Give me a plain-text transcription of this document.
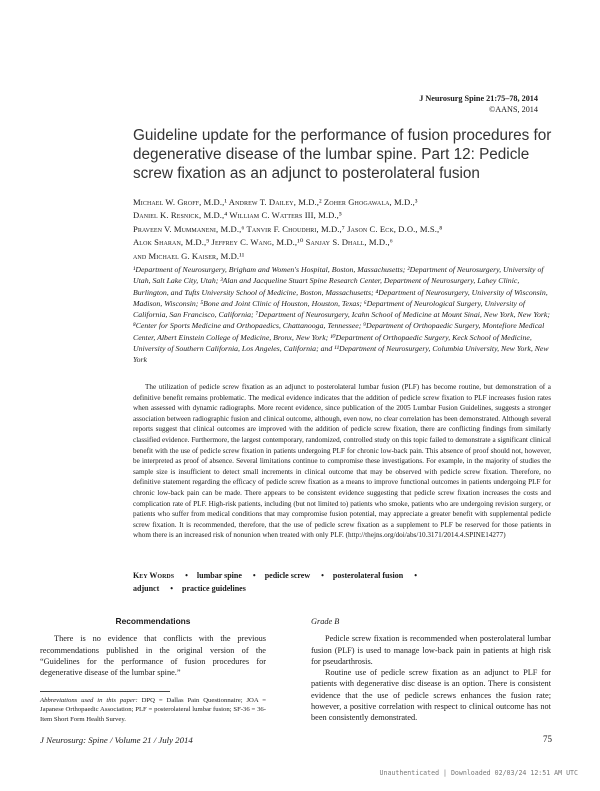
J Neurosurg Spine 21:75–78, 2014
©AANS, 2014
Guideline update for the performance of fusion procedures for degenerative disease of the lumbar spine. Part 12: Pedicle screw fixation as an adjunct to posterolateral fusion
Michael W. Groff, M.D.,¹ Andrew T. Dailey, M.D.,² Zoher Ghogawala, M.D.,³
Daniel K. Resnick, M.D.,⁴ William C. Watters III, M.D.,⁵
Praveen V. Mummaneni, M.D.,⁶ Tanvir F. Choudhri, M.D.,⁷ Jason C. Eck, D.O., M.S.,⁸
Alok Sharan, M.D.,⁹ Jeffrey C. Wang, M.D.,¹⁰ Sanjay S. Dhall, M.D.,⁶
and Michael G. Kaiser, M.D.¹¹
¹Department of Neurosurgery, Brigham and Women's Hospital, Boston, Massachusetts; ²Department of Neurosurgery, University of Utah, Salt Lake City, Utah; ³Alan and Jacqueline Stuart Spine Research Center, Department of Neurosurgery, Lahey Clinic, Burlington, and Tufts University School of Medicine, Boston, Massachusetts; ⁴Department of Neurosurgery, University of Wisconsin, Madison, Wisconsin; ⁵Bone and Joint Clinic of Houston, Houston, Texas; ⁶Department of Neurological Surgery, University of California, San Francisco, California; ⁷Department of Neurosurgery, Icahn School of Medicine at Mount Sinai, New York, New York; ⁸Center for Sports Medicine and Orthopaedics, Chattanooga, Tennessee; ⁹Department of Orthopaedic Surgery, Montefiore Medical Center, Albert Einstein College of Medicine, Bronx, New York; ¹⁰Department of Orthopaedic Surgery, Keck School of Medicine, University of Southern California, Los Angeles, California; and ¹¹Department of Neurosurgery, Columbia University, New York, New York

The utilization of pedicle screw fixation as an adjunct to posterolateral lumbar fusion (PLF) has become routine, but demonstration of a definitive benefit remains problematic. The medical evidence indicates that the addition of pedicle screw fixation to PLF increases fusion rates when assessed with dynamic radiographs. More recent evidence, since publication of the 2005 Lumbar Fusion Guidelines, suggests a stronger association between radiographic fusion and clinical outcome, although, even now, no clear correlation has been demonstrated. Although several reports suggest that clinical outcomes are improved with the addition of pedicle screw fixation, there are conflicting findings from similarly classified evidence. Furthermore, the largest contemporary, randomized, controlled study on this topic failed to demonstrate a significant clinical benefit with the use of pedicle screw fixation in patients undergoing PLF for chronic low-back pain. This absence of proof should not, however, be interpreted as proof of absence. Several limitations continue to compromise these investigations. For example, in the majority of studies the sample size is insufficient to detect small increments in clinical outcome that may be observed with pedicle screw fixation. Therefore, no definitive statement regarding the efficacy of pedicle screw fixation as a means to improve functional outcomes in patients undergoing PLF for chronic low-back pain can be made. There appears to be consistent evidence suggesting that pedicle screw fixation increases the costs and complication rate of PLF. High-risk patients, including (but not limited to) patients who smoke, patients who are undergoing revision surgery, or patients who suffer from medical conditions that may compromise fusion potential, may appreciate a greater benefit with supplemental pedicle screw fixation. It is recommended, therefore, that the use of pedicle screw fixation as a supplement to PLF be reserved for those patients in whom there is an increased risk of nonunion when treated with only PLF. (http://thejns.org/doi/abs/10.3171/2014.4.SPINE14277)

Key Words • lumbar spine • pedicle screw • posterolateral fusion •
adjunct • practice guidelines
Recommendations

There is no evidence that conflicts with the previous recommendations published in the original version of the “Guidelines for the performance of fusion procedures for degenerative disease of the lumbar spine.”

Abbreviations used in this paper: DPQ = Dallas Pain Questionnaire; JOA = Japanese Orthopaedic Association; PLF = posterolateral lumbar fusion; SF-36 = 36-Item Short Form Health Survey.
Grade B

Pedicle screw fixation is recommended when posterolateral lumbar fusion (PLF) is used to manage low-back pain in patients at high risk for pseudarthrosis.

Routine use of pedicle screw fixation as an adjunct to PLF for patients with degenerative disc disease is an option. There is consistent evidence that the use of pedicle screws enhances the fusion rate; however, a positive correlation with respect to clinical outcome has not been consistently demonstrated.

J Neurosurg: Spine / Volume 21 / July 2014	75
Unauthenticated | Downloaded 02/03/24 12:51 AM UTC
